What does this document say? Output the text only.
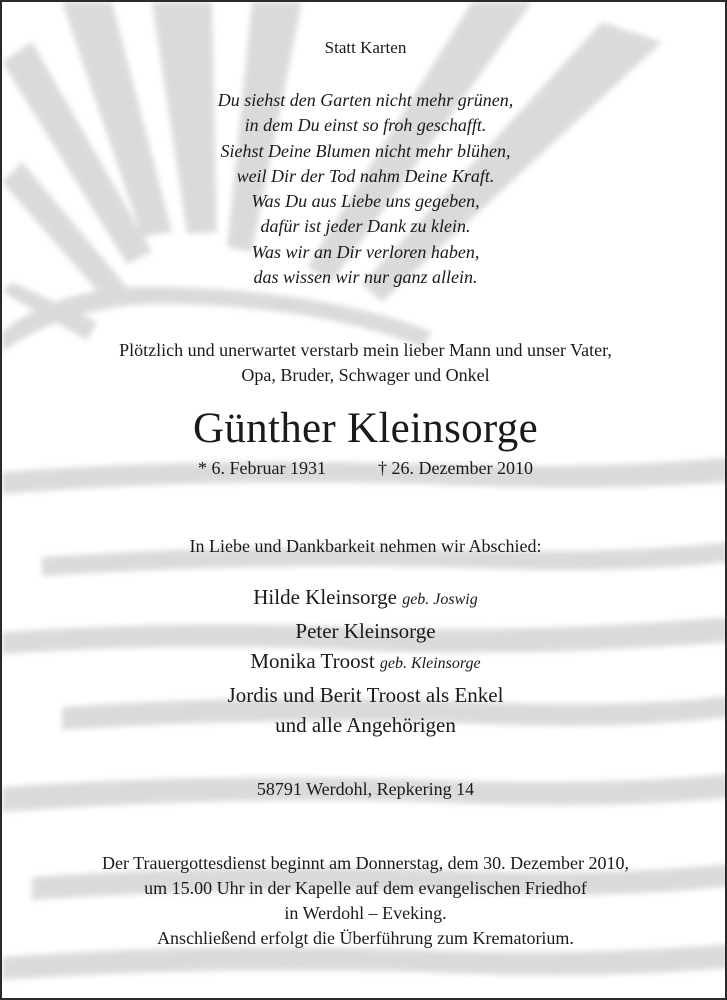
Statt Karten
Du siehst den Garten nicht mehr grünen,
in dem Du einst so froh geschafft.
Siehst Deine Blumen nicht mehr blühen,
weil Dir der Tod nahm Deine Kraft.
Was Du aus Liebe uns gegeben,
dafür ist jeder Dank zu klein.
Was wir an Dir verloren haben,
das wissen wir nur ganz allein.
Plötzlich und unerwartet verstarb mein lieber Mann und unser Vater,
Opa, Bruder, Schwager und Onkel
Günther Kleinsorge
* 6. Februar 1931	† 26. Dezember 2010
In Liebe und Dankbarkeit nehmen wir Abschied:
Hilde Kleinsorge geb. Joswig
Peter Kleinsorge
Monika Troost geb. Kleinsorge
Jordis und Berit Troost als Enkel
und alle Angehörigen
58791 Werdohl, Repkering 14
Der Trauergottesdienst beginnt am Donnerstag, dem 30. Dezember 2010,
um 15.00 Uhr in der Kapelle auf dem evangelischen Friedhof
in Werdohl – Eveking.
Anschließend erfolgt die Überführung zum Krematorium.
